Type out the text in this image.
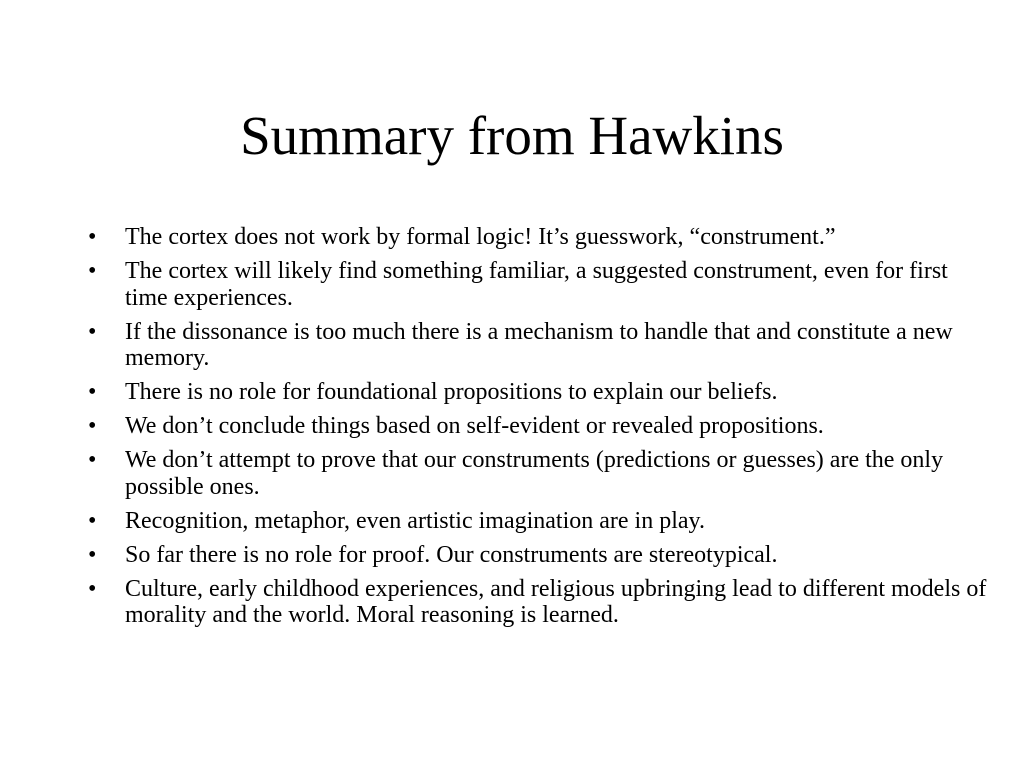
Summary from Hawkins
•	The cortex does not work by formal logic! It’s guesswork, “construment.”
•	The cortex will likely find something familiar, a suggested construment, even for first time experiences.
•	If the dissonance is too much there is a mechanism to handle that and constitute a new memory.
•	There is no role for foundational propositions to explain our beliefs.
•	We don’t conclude things based on self-evident or revealed propositions.
•	We don’t attempt to prove that our construments (predictions or guesses) are the only possible ones.
•	Recognition, metaphor, even artistic imagination are in play.
•	So far there is no role for proof. Our construments are stereotypical.
•	Culture, early childhood experiences, and religious upbringing lead to different models of morality and the world. Moral reasoning is learned.
